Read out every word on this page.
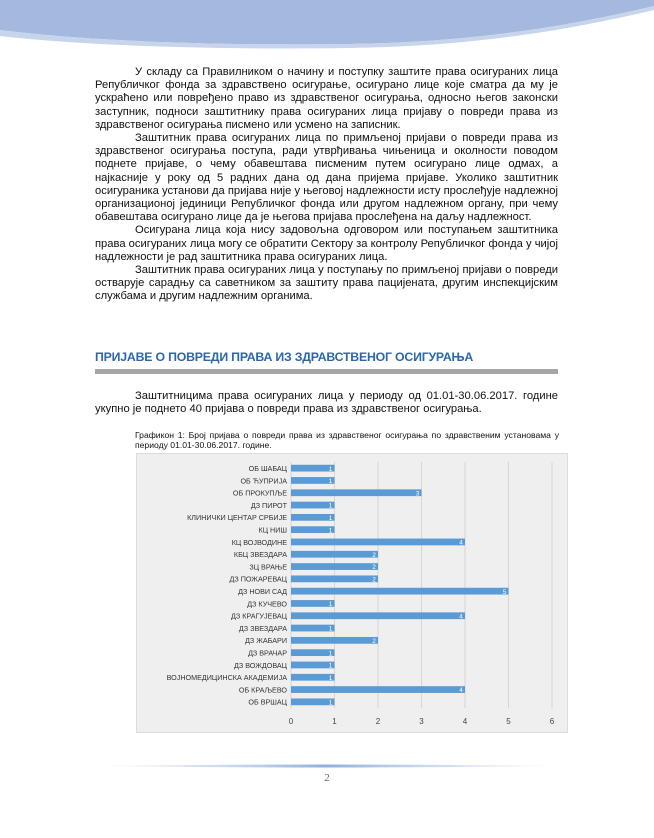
У складу са Правилником о начину и поступку заштите права осигураних лица Републичког фонда за здравствено осигурање, осигурано лице које сматра да му је ускраћено или повређено право из здравственог осигурања, односно његов законски заступник, подноси заштитнику права осигураних лица пријаву о повреди права из здравственог осигурања писмено или усмено на записник.

Заштитник права осигураних лица по примљеној пријави о повреди права из здравственог осигурања поступа, ради утврђивања чињеница и околности поводом поднете пријаве, о чему обавештава писменим путем осигурано лице одмах, а најкасније у року од 5 радних дана од дана пријема пријаве. Уколико заштитник осигураника установи да пријава није у његовој надлежности исту прослеђује надлежној организационој јединици Републичког фонда или другом надлежном органу, при чему обавештава осигурано лице да је његова пријава прослеђена на даљу надлежност.

Осигурана лица која нису задовољна одговором или поступањем заштитника права осигураних лица могу се обратити Сектору за контролу Републичког фонда у чијој надлежности је рад заштитника права осигураних лица.

Заштитник права осигураних лица у поступању по примљеној пријави о повреди остварује сарадњу са саветником за заштиту права пацијената, другим инспекцијским службама и другим надлежним органима.

ПРИЈАВЕ О ПОВРЕДИ ПРАВА ИЗ ЗДРАВСТВЕНОГ ОСИГУРАЊА

Заштитницима права осигураних лица у периоду од 01.01-30.06.2017. године укупно је поднето 40 пријава о повреди права из здравственог осигурања.

Графикон 1: Број пријава о повреди права из здравственог осигурања по здравственим установама у периоду 01.01-30.06.2017. године.

0	1	2	3	4	5	6
ОБ ШАБАЦ	1
ОБ ЋУПРИЈА	1
ОБ ПРОКУПЉЕ	3
ДЗ ПИРОТ	1
КЛИНИЧКИ ЦЕНТАР СРБИЈЕ	1
КЦ НИШ	1
КЦ ВОЈВОДИНЕ	4
КБЦ ЗВЕЗДАРА	2
ЗЦ ВРАЊЕ	2
ДЗ ПОЖАРЕВАЦ	2
ДЗ НОВИ САД	5
ДЗ КУЧЕВО	1
ДЗ КРАГУЈЕВАЦ	4
ДЗ ЗВЕЗДАРА	1
ДЗ ЖАБАРИ	2
ДЗ ВРАЧАР	1
ДЗ ВОЖДОВАЦ	1
ВОЈНОМЕДИЦИНСКА АКАДЕМИЈА	1
ОБ КРАЉЕВО	4
ОБ ВРШАЦ	1
2
